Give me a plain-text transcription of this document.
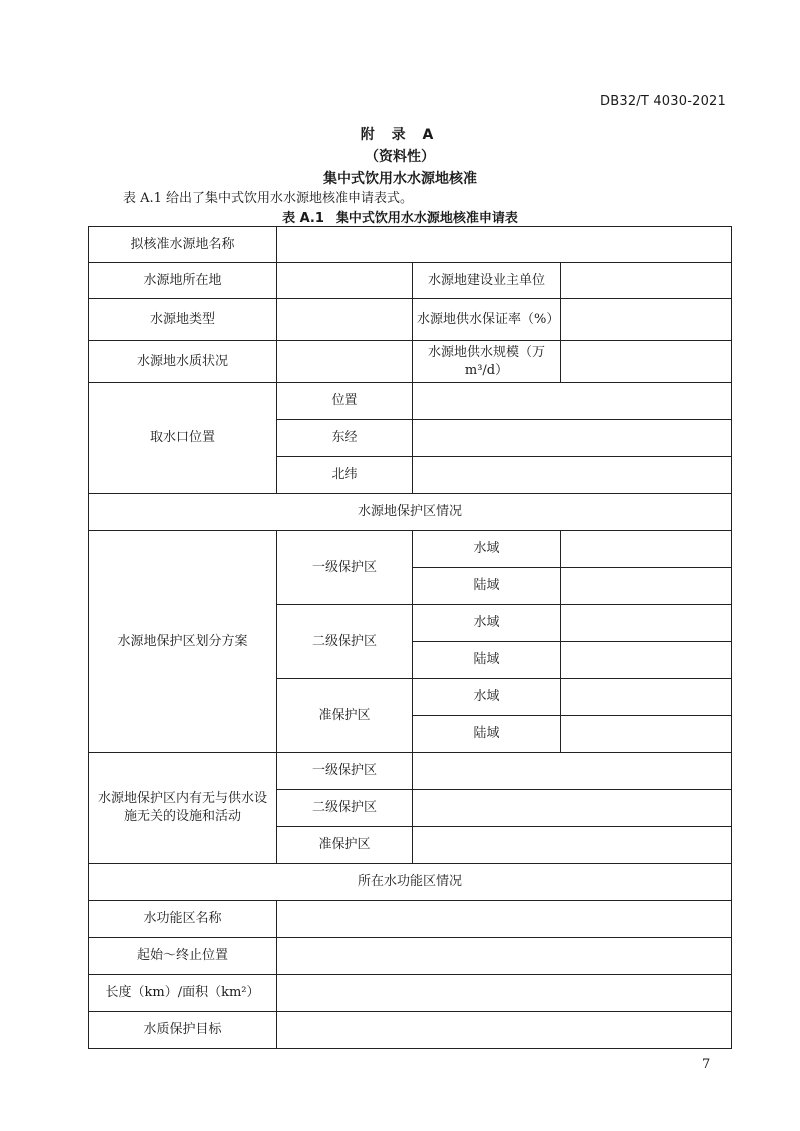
DB32/T 4030-2021
附 录 A
（资料性）
集中式饮用水水源地核准
表 A.1 给出了集中式饮用水水源地核准申请表式。
表 A.1 集中式饮用水水源地核准申请表
拟核准水源地名称			
水源地所在地		水源地建设业主单位	
水源地类型		水源地供水保证率（%）	
水源地水质状况		水源地供水规模（万 m³/d）	
取水口位置	位置		
	东经		
	北纬		
水源地保护区情况			
水源地保护区划分方案	一级保护区	水域	
		陆域	
	二级保护区	水域	
		陆域	
	准保护区	水域	
		陆域	
水源地保护区内有无与供水设施无关的设施和活动	一级保护区		
	二级保护区		
	准保护区		
所在水功能区情况			
水功能区名称			
起始～终止位置			
长度（km）/面积（km²）			
水质保护目标			
7
